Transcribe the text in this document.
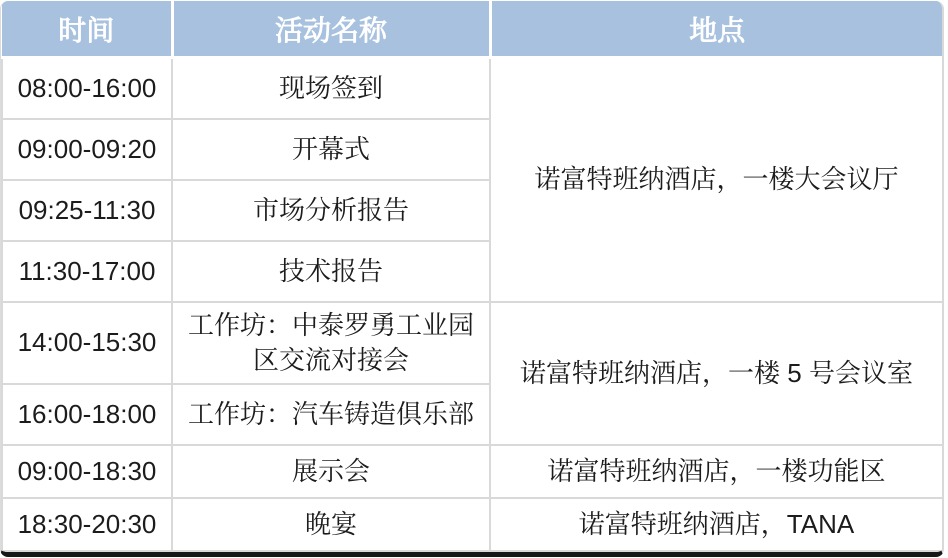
时间	活动名称	地点
08:00-16:00	现场签到	诺富特班纳酒店，一楼大会议厅
09:00-09:20	开幕式	
09:25-11:30	市场分析报告	
11:30-17:00	技术报告	
14:00-15:30	工作坊：中泰罗勇工业园区交流对接会	诺富特班纳酒店，一楼 5 号会议室
16:00-18:00	工作坊：汽车铸造俱乐部	
09:00-18:30	展示会	诺富特班纳酒店，一楼功能区
18:30-20:30	晚宴	诺富特班纳酒店，TANA
